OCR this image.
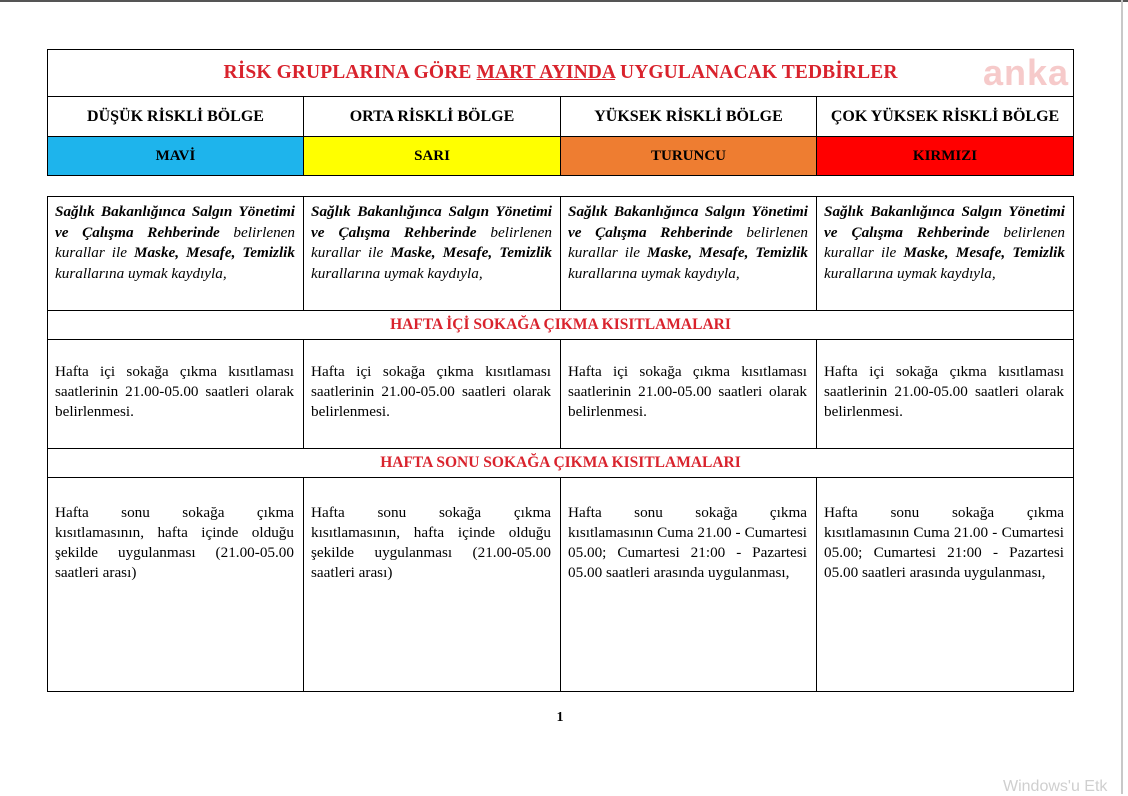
RİSK GRUPLARINA GÖRE MART AYINDA UYGULANACAK TEDBİRLER anka			

DÜŞÜK RİSKLİ BÖLGE	ORTA RİSKLİ BÖLGE	YÜKSEK RİSKLİ BÖLGE	ÇOK YÜKSEK RİSKLİ BÖLGE
MAVİ	SARI	TURUNCU	KIRMIZI
Sağlık Bakanlığınca Salgın Yönetimi ve Çalışma Rehberinde belirlenen kurallar ile Maske, Mesafe, Temizlik kurallarına uymak kaydıyla,	Sağlık Bakanlığınca Salgın Yönetimi ve Çalışma Rehberinde belirlenen kurallar ile Maske, Mesafe, Temizlik kurallarına uymak kaydıyla,	Sağlık Bakanlığınca Salgın Yönetimi ve Çalışma Rehberinde belirlenen kurallar ile Maske, Mesafe, Temizlik kurallarına uymak kaydıyla,	Sağlık Bakanlığınca Salgın Yönetimi ve Çalışma Rehberinde belirlenen kurallar ile Maske, Mesafe, Temizlik kurallarına uymak kaydıyla,

HAFTA İÇİ SOKAĞA ÇIKMA KISITLAMALARI			

Hafta içi sokağa çıkma kısıtlaması saatlerinin 21.00-05.00 saatleri olarak belirlenmesi.	Hafta içi sokağa çıkma kısıtlaması saatlerinin 21.00-05.00 saatleri olarak belirlenmesi.	Hafta içi sokağa çıkma kısıtlaması saatlerinin 21.00-05.00 saatleri olarak belirlenmesi.	Hafta içi sokağa çıkma kısıtlaması saatlerinin 21.00-05.00 saatleri olarak belirlenmesi.

HAFTA SONU SOKAĞA ÇIKMA KISITLAMALARI			

Hafta sonu sokağa çıkma kısıtlamasının, hafta içinde olduğu şekilde uygulanması (21.00-05.00 saatleri arası)	Hafta sonu sokağa çıkma kısıtlamasının, hafta içinde olduğu şekilde uygulanması (21.00-05.00 saatleri arası)	Hafta sonu sokağa çıkma kısıtlamasının Cuma 21.00 - Cumartesi 05.00; Cumartesi 21:00 - Pazartesi 05.00 saatleri arasında uygulanması,	Hafta sonu sokağa çıkma kısıtlamasının Cuma 21.00 - Cumartesi 05.00; Cumartesi 21:00 - Pazartesi 05.00 saatleri arasında uygulanması,
1
Windows'u Etk
